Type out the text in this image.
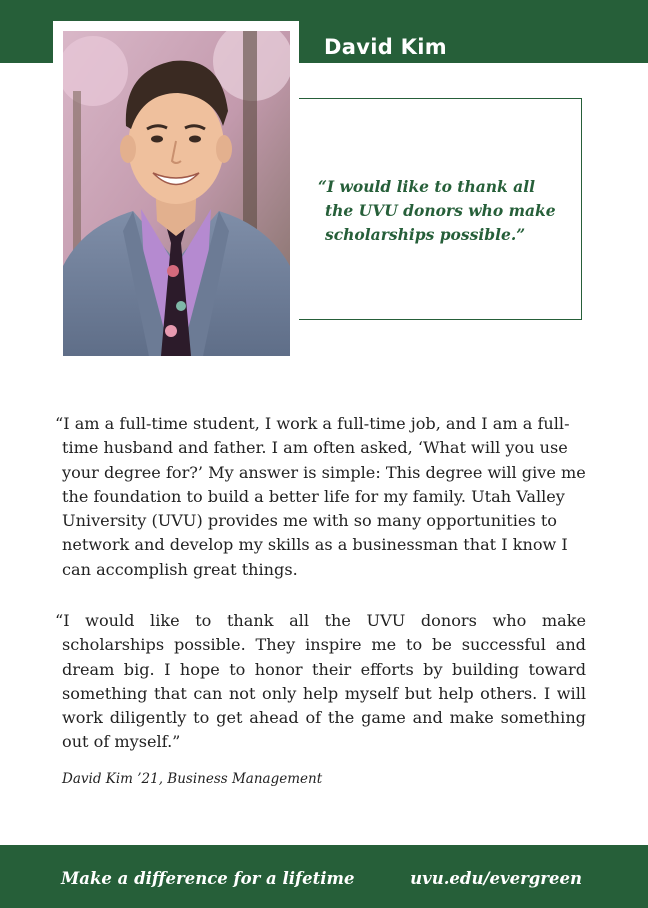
David Kim
“I would like to thank all
the UVU donors who make
scholarships possible.”
“I am a full-time student, I work a full-time job, and I am a full-
time husband and father. I am often asked, ‘What will you use
your degree for?’ My answer is simple: This degree will give me
the foundation to build a better life for my family. Utah Valley
University (UVU) provides me with so many opportunities to
network and develop my skills as a businessman that I know I
can accomplish great things.
“I would like to thank all the UVU donors who make
scholarships possible. They inspire me to be successful and
dream big. I hope to honor their efforts by building toward
something that can not only help myself but help others. I will
work diligently to get ahead of the game and make something
out of myself.”
David Kim ’21, Business Management
Make a difference for a lifetime	uvu.edu/evergreen
